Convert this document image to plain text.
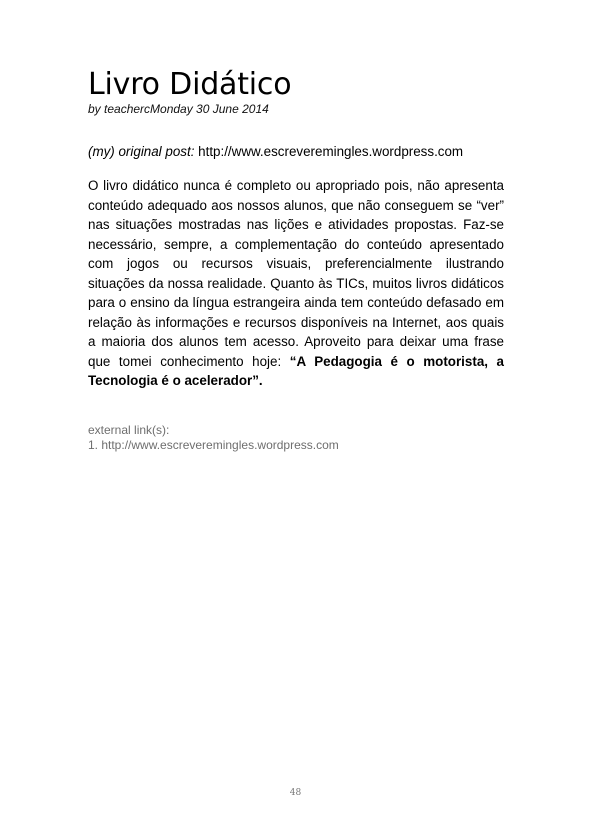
Livro Didático

by teachercMonday 30 June 2014

(my) original post: http://www.escreveremingles.wordpress.com
O livro didático nunca é completo ou apropriado pois, não apresenta conteúdo adequado aos nossos alunos, que não conseguem se “ver” nas situações mostradas nas lições e atividades propostas. Faz-se necessário, sempre, a complementação do conteúdo apresentado com jogos ou recursos visuais, preferencialmente ilustrando situações da nossa realidade. Quanto às TICs, muitos livros didáticos para o ensino da língua estrangeira ainda tem conteúdo defasado em relação às informações e recursos disponíveis na Internet, aos quais a maioria dos alunos tem acesso. Aproveito para deixar uma frase que tomei conhecimento hoje: “A Pedagogia é o motorista, a Tecnologia é o acelerador”.
external link(s):
1. http://www.escreveremingles.wordpress.com
48
